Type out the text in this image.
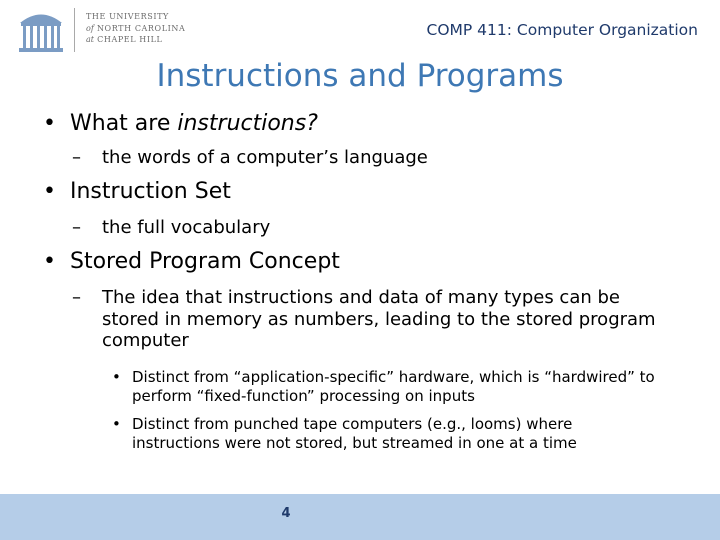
THE UNIVERSITY
of NORTH CAROLINA
at CHAPEL HILL
COMP 411: Computer Organization
Instructions and Programs
• What are instructions?
– the words of a computer’s language
• Instruction Set
– the full vocabulary
• Stored Program Concept
– The idea that instructions and data of many types can be stored in memory as numbers, leading to the stored program computer
• Distinct from “application-specific” hardware, which is “hardwired” to perform “fixed-function” processing on inputs
• Distinct from punched tape computers (e.g., looms) where instructions were not stored, but streamed in one at a time
4
